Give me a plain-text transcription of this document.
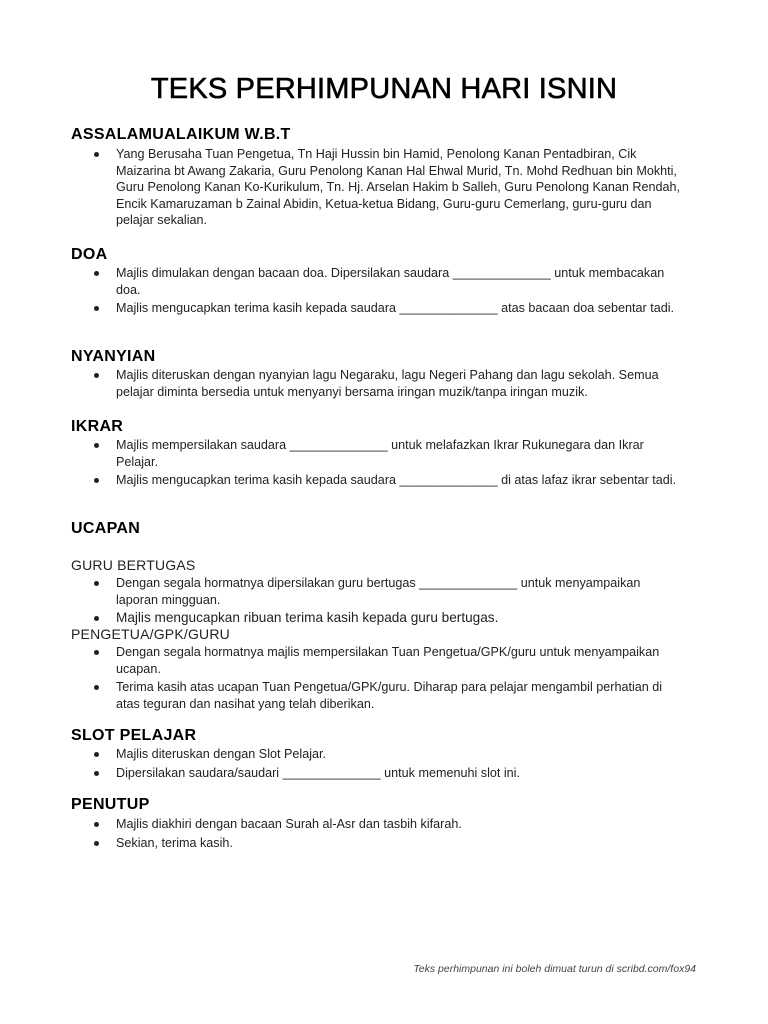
TEKS PERHIMPUNAN HARI ISNIN
ASSALAMUALAIKUM W.B.T
Yang Berusaha Tuan Pengetua, Tn Haji Hussin bin Hamid, Penolong Kanan Pentadbiran, Cik Maizarina bt Awang Zakaria, Guru Penolong Kanan Hal Ehwal Murid, Tn. Mohd Redhuan bin Mokhti, Guru Penolong Kanan Ko-Kurikulum, Tn. Hj. Arselan Hakim b Salleh, Guru Penolong Kanan Rendah, Encik Kamaruzaman b Zainal Abidin, Ketua-ketua Bidang, Guru-guru Cemerlang, guru-guru dan pelajar sekalian.
DOA
Majlis dimulakan dengan bacaan doa. Dipersilakan saudara ______________ untuk membacakan doa.
Majlis mengucapkan terima kasih kepada saudara ______________ atas bacaan doa sebentar tadi.
NYANYIAN
Majlis diteruskan dengan nyanyian lagu Negaraku, lagu Negeri Pahang dan lagu sekolah. Semua pelajar diminta bersedia untuk menyanyi bersama iringan muzik/tanpa iringan muzik.
IKRAR
Majlis mempersilakan saudara ______________ untuk melafazkan Ikrar Rukunegara dan Ikrar Pelajar.
Majlis mengucapkan terima kasih kepada saudara ______________ di atas lafaz ikrar sebentar tadi.
UCAPAN
GURU BERTUGAS
Dengan segala hormatnya dipersilakan guru bertugas ______________ untuk menyampaikan laporan mingguan.
Majlis mengucapkan ribuan terima kasih kepada guru bertugas.
PENGETUA/GPK/GURU
Dengan segala hormatnya majlis mempersilakan Tuan Pengetua/GPK/guru untuk menyampaikan ucapan.
Terima kasih atas ucapan Tuan Pengetua/GPK/guru. Diharap para pelajar mengambil perhatian di atas teguran dan nasihat yang telah diberikan.
SLOT PELAJAR
Majlis diteruskan dengan Slot Pelajar.
Dipersilakan saudara/saudari ______________ untuk memenuhi slot ini.
PENUTUP
Majlis diakhiri dengan bacaan Surah al-Asr dan tasbih kifarah.
Sekian, terima kasih.
Teks perhimpunan ini boleh dimuat turun di scribd.com/fox94
